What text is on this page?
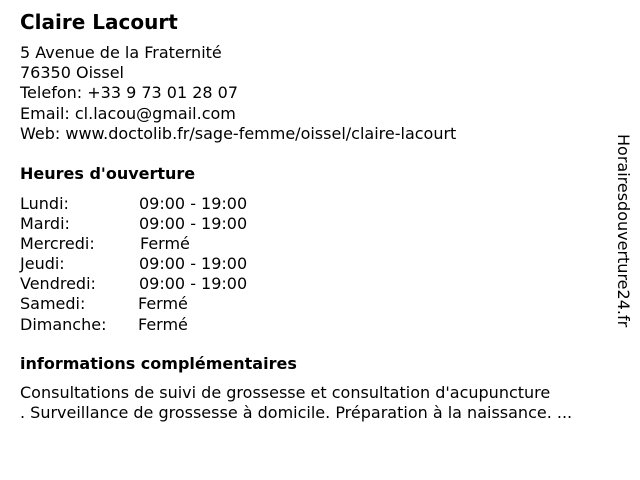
Claire Lacourt
5 Avenue de la Fraternité
76350 Oissel
Telefon: +33 9 73 01 28 07
Email: cl.lacou@gmail.com
Web: www.doctolib.fr/sage-femme/oissel/claire-lacourt
Heures d'ouverture
Lundi:	09:00 - 19:00
Mardi:	09:00 - 19:00
Mercredi:	Fermé
Jeudi:	09:00 - 19:00
Vendredi:	09:00 - 19:00
Samedi:	Fermé
Dimanche: Fermé
informations complémentaires
Consultations de suivi de grossesse et consultation d'acupuncture
. Surveillance de grossesse à domicile. Préparation à la naissance. ...
Horairesdouverture24.fr
